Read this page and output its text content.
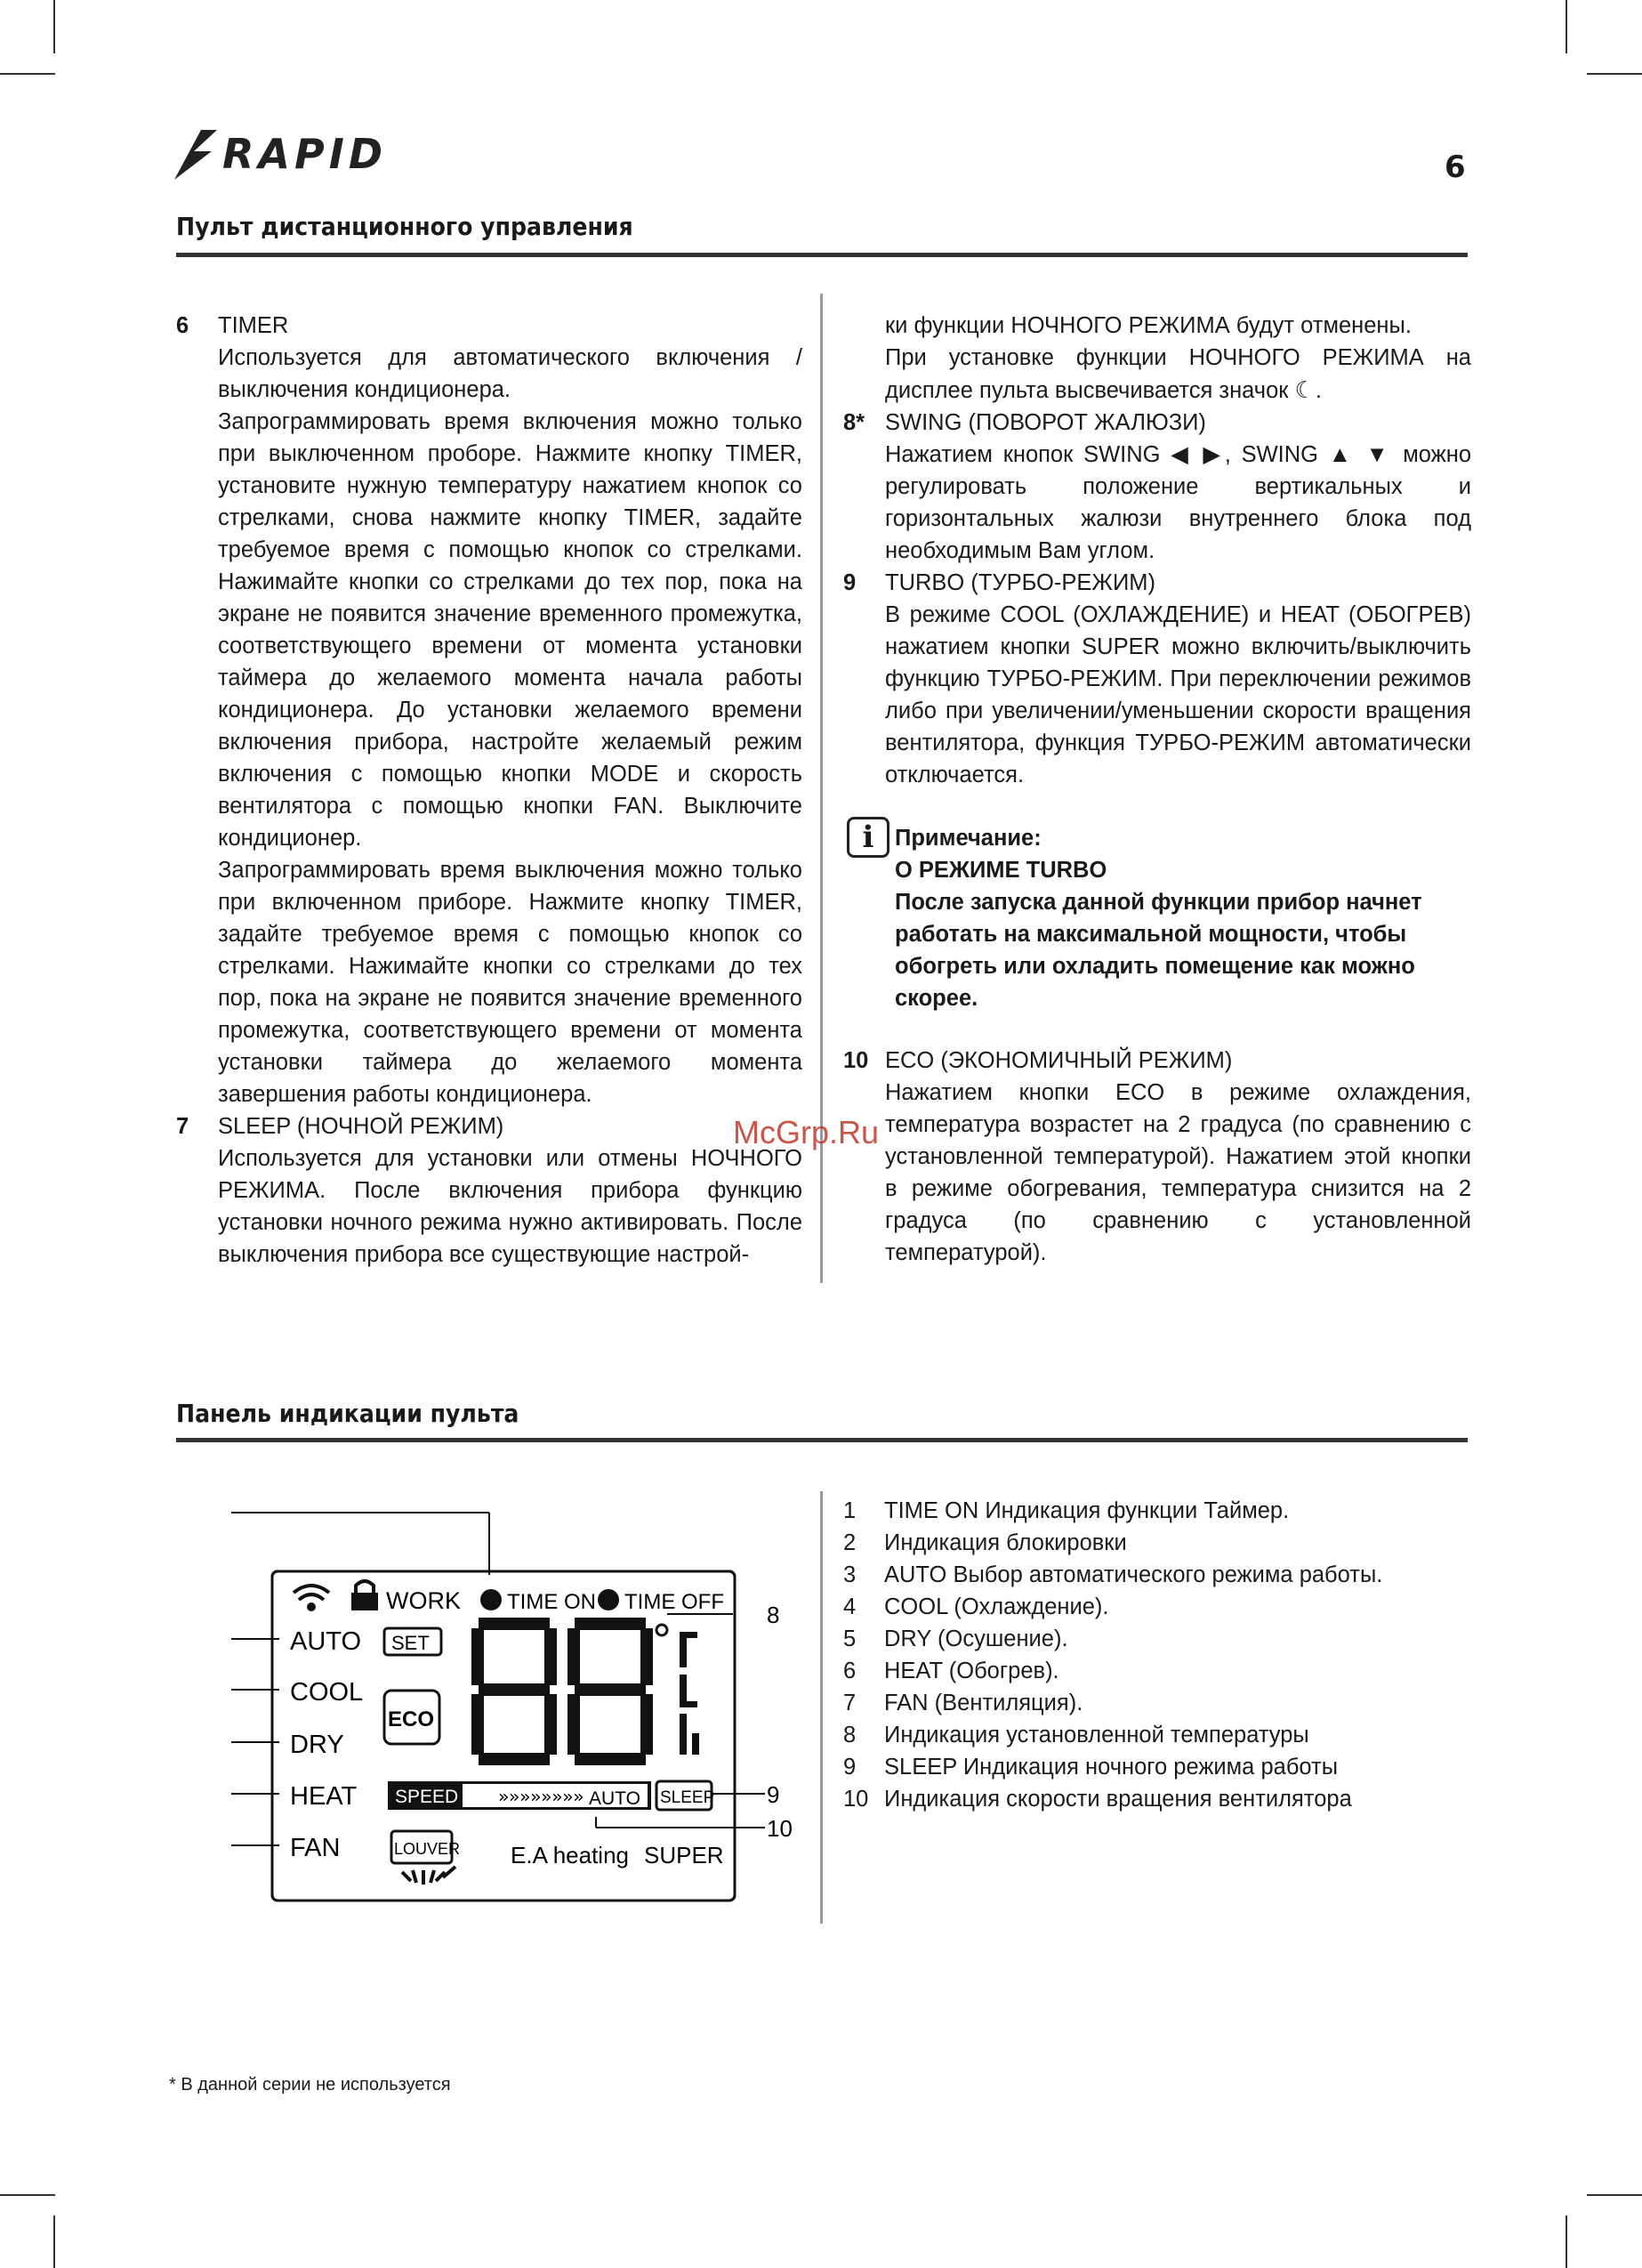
RAPID	6
Пульт дистанционного управления
6 TIMER

Используется для автоматического включения / выключения кондиционера.

Запрограммировать время включения можно только при выключенном пробоpе. Нажмите кнопку TIMER, установите нужную температуру нажатием кнопок со стрелками, снова нажмите кнопку TIMER, задайте требуемое время с помощью кнопок со стрелками. Нажимайте кнопки со стрелками до тех пор, пока на экране не появится значение временного промежутка, соответствующего времени от момента установки таймера до желаемого момента начала работы кондиционера. До установки желаемого времени включения прибора, настройте желаемый режим включения с помощью кнопки MODE и скорость вентилятора с помощью кнопки FAN. Выключите кондиционер.

Запрограммировать время выключения можно только при включенном приборе. Нажмите кнопку TIMER, задайте требуемое время с помощью кнопок со стрелками. Нажимайте кнопки со стрелками до тех пор, пока на экране не появится значение временного промежутка, соответствующего времени от момента установки таймера до желаемого момента завершения работы кондиционера.

7 SLEEP (НОЧНОЙ РЕЖИМ)

Используется для установки или отмены НОЧНОГО РЕЖИМА. После включения прибора функцию установки ночного режима нужно активировать. После выключения прибора все существующие настрой-

ки функции НОЧНОГО РЕЖИМА будут отменены.

При установке функции НОЧНОГО РЕЖИМА на дисплее пульта высвечивается значок ☾.

8* SWING (ПОВОРОТ ЖАЛЮЗИ)

Нажатием кнопок SWING ◀ ▶, SWING ▲ ▼ можно регулировать положение вертикальных и горизонтальных жалюзи внутреннего блока под необходимым Вам углом.

9 TURBO (ТУРБО-РЕЖИМ)

В режиме COOL (ОХЛАЖДЕНИЕ) и HEAT (ОБОГРЕВ) нажатием кнопки SUPER можно включить/выключить функцию ТУРБО-РЕЖИМ. При переключении режимов либо при увеличении/уменьшении скорости вращения вентилятора, функция ТУРБО-РЕЖИМ автоматически отключается.

i Примечание:
О РЕЖИМЕ TURBO
После запуска данной функции прибор начнет работать на максимальной мощности, чтобы обогреть или охладить помещение как можно скорее.
10 ECO (ЭКОНОМИЧНЫЙ РЕЖИМ)

Нажатием кнопки ECO в режиме охлаждения, температура возрастет на 2 градуса (по сравнению с установленной температурой). Нажатием этой кнопки в режиме обогревания, температура снизится на 2 градуса (по сравнению с установленной температурой).

McGrp.Ru
Панель индикации пульта
WORK TIME ON TIME OFF
AUTO
COOL
DRY
HEAT
FAN
SET
ECO
SPEED »»»»»»»» AUTO SLEEP
LOUVER E.A heating SUPER
8
9
10
1	TIME ON Индикация функции Таймер.
2	Индикация блокировки
3	AUTO Выбор автоматического режима работы.
4	COOL (Охлаждение).
5	DRY (Осушение).
6	HEAT (Обогрев).
7	FAN (Вентиляция).
8	Индикация установленной температуры
9	SLEEP Индикация ночного режима работы
10 Индикация скорости вращения вентилятора
* В данной серии не используется
